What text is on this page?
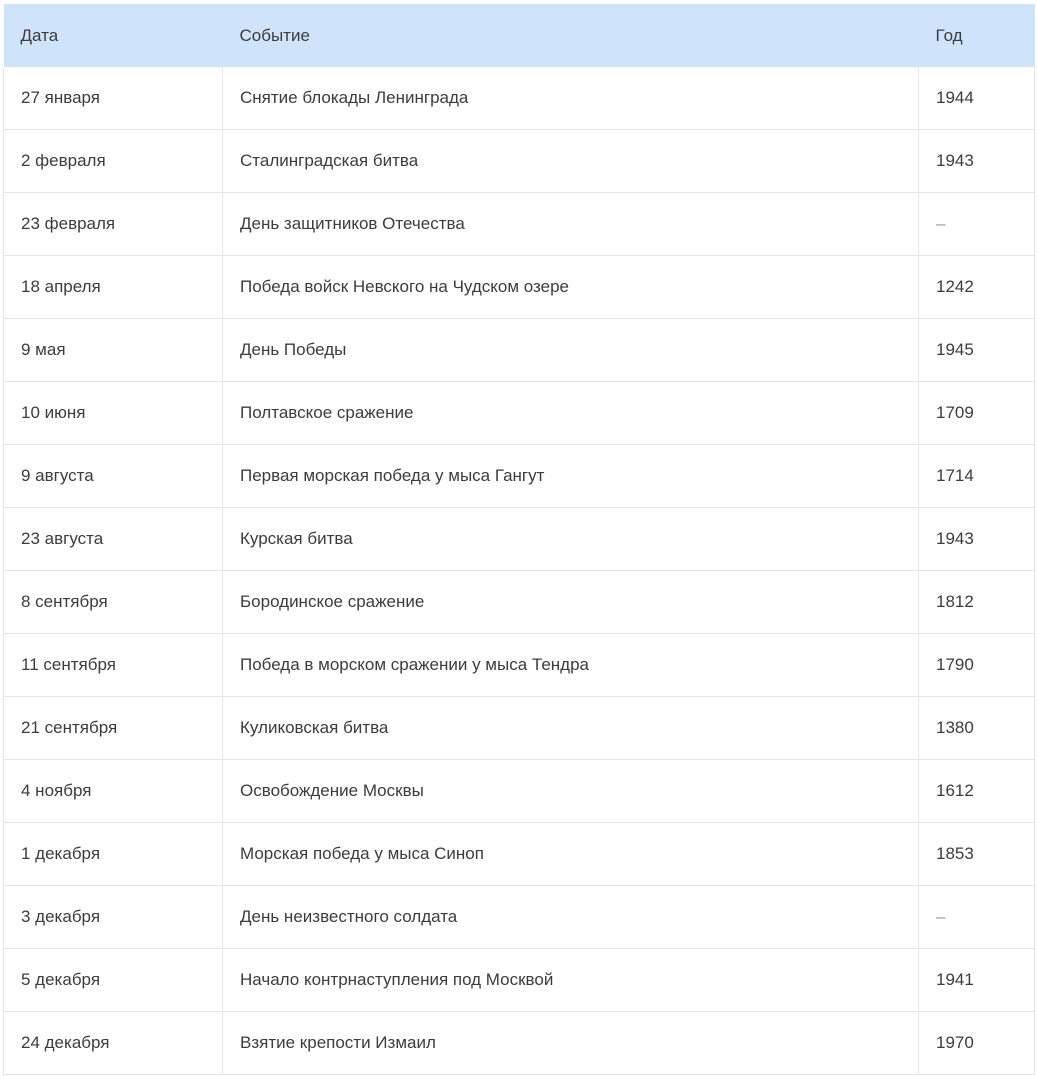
Дата	Событие	Год
27 января	Снятие блокады Ленинграда	1944
2 февраля	Сталинградская битва	1943
23 февраля	День защитников Отечества	–
18 апреля	Победа войск Невского на Чудском озере	1242
9 мая	День Победы	1945
10 июня	Полтавское сражение	1709
9 августа	Первая морская победа у мыса Гангут	1714
23 августа	Курская битва	1943
8 сентября	Бородинское сражение	1812
11 сентября	Победа в морском сражении у мыса Тендра	1790
21 сентября	Куликовская битва	1380
4 ноября	Освобождение Москвы	1612
1 декабря	Морская победа у мыса Синоп	1853
3 декабря	День неизвестного солдата	–
5 декабря	Начало контрнаступления под Москвой	1941
24 декабря	Взятие крепости Измаил	1970
